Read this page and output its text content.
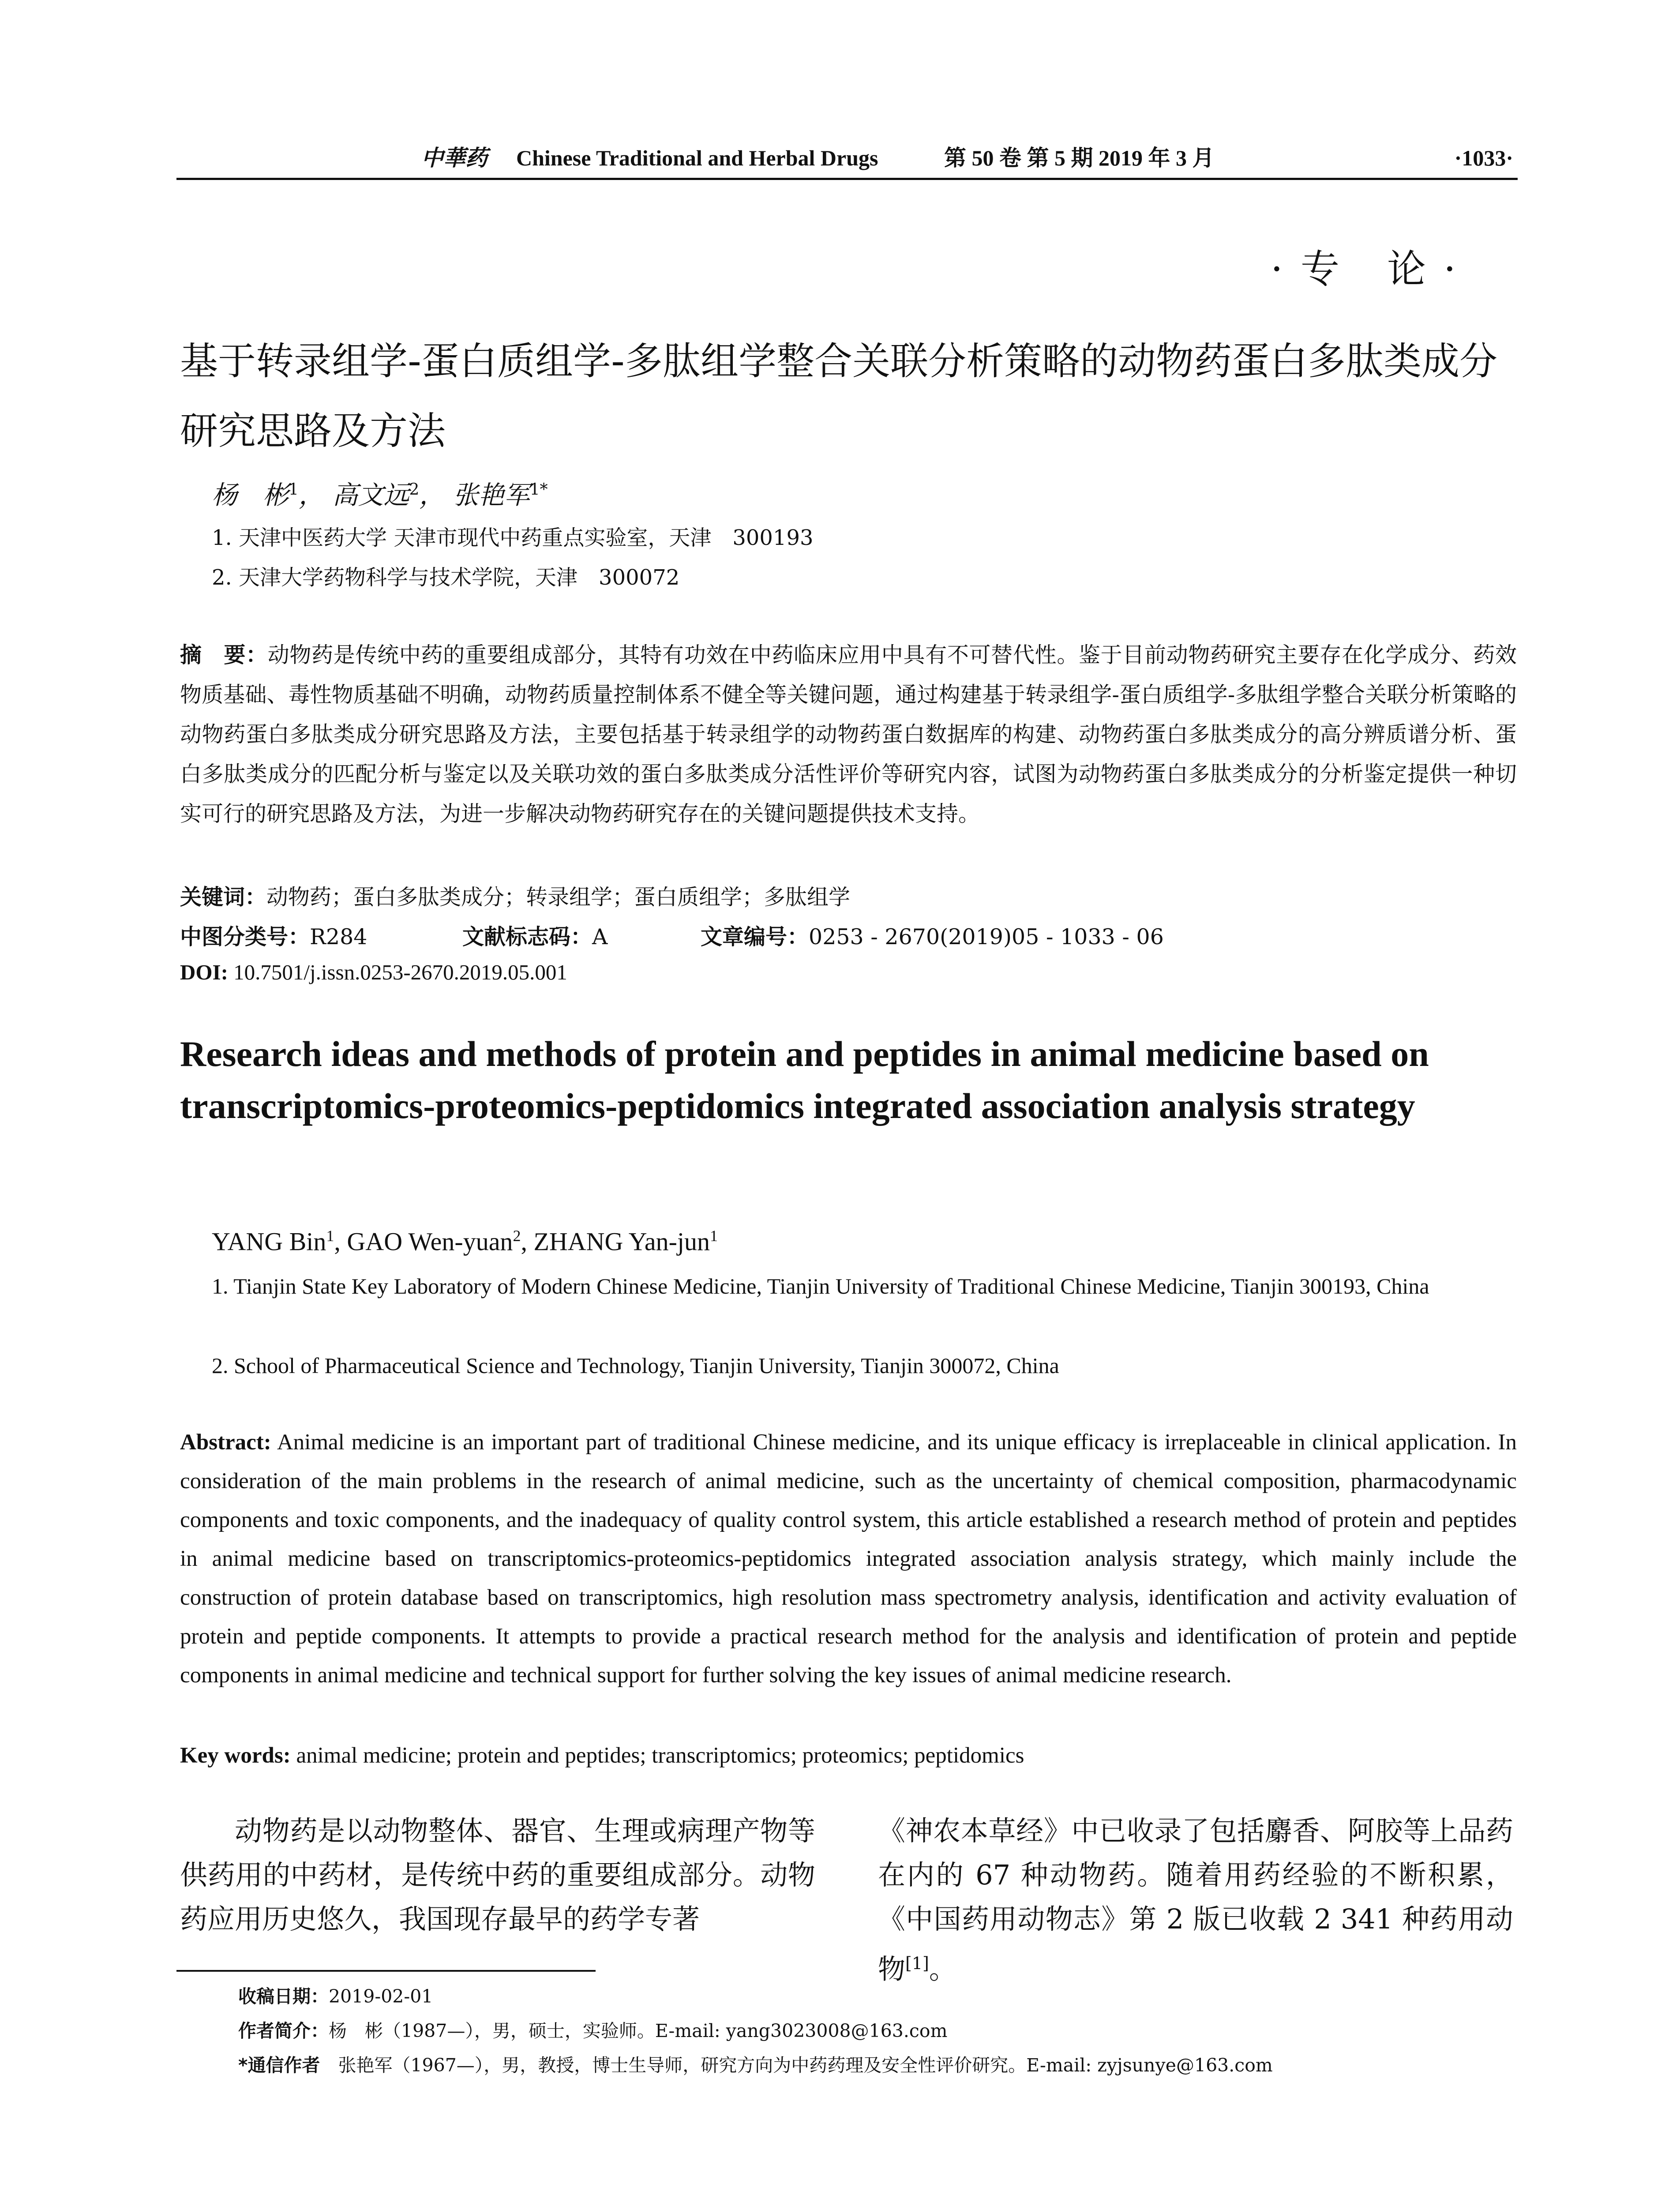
中華药 Chinese Traditional and Herbal Drugs	第 50 卷 第 5 期 2019 年 3 月	·1033·
·专 论·
基于转录组学-蛋白质组学-多肽组学整合关联分析策略的动物药蛋白多肽类成分研究思路及方法
杨　彬$^1$， 高文远$^2$， 张艳军$^{1*}$
1. 天津中医药大学 天津市现代中药重点实验室，天津　300193
2. 天津大学药物科学与技术学院，天津　300072
摘　要：动物药是传统中药的重要组成部分，其特有功效在中药临床应用中具有不可替代性。鉴于目前动物药研究主要存在化学成分、药效物质基础、毒性物质基础不明确，动物药质量控制体系不健全等关键问题，通过构建基于转录组学-蛋白质组学-多肽组学整合关联分析策略的动物药蛋白多肽类成分研究思路及方法，主要包括基于转录组学的动物药蛋白数据库的构建、动物药蛋白多肽类成分的高分辨质谱分析、蛋白多肽类成分的匹配分析与鉴定以及关联功效的蛋白多肽类成分活性评价等研究内容，试图为动物药蛋白多肽类成分的分析鉴定提供一种切实可行的研究思路及方法，为进一步解决动物药研究存在的关键问题提供技术支持。
关键词：动物药；蛋白多肽类成分；转录组学；蛋白质组学；多肽组学
中图分类号：R284	文献标志码：A	文章编号：0253 - 2670(2019)05 - 1033 - 06
DOI: 10.7501/j.issn.0253-2670.2019.05.001
Research ideas and methods of protein and peptides in animal medicine based on transcriptomics-proteomics-peptidomics integrated association analysis strategy
YANG Bin$^1$, GAO Wen-yuan$^2$, ZHANG Yan-jun$^1$
1. Tianjin State Key Laboratory of Modern Chinese Medicine, Tianjin University of Traditional Chinese Medicine, Tianjin 300193, China
2. School of Pharmaceutical Science and Technology, Tianjin University, Tianjin 300072, China
Abstract: Animal medicine is an important part of traditional Chinese medicine, and its unique efficacy is irreplaceable in clinical application. In consideration of the main problems in the research of animal medicine, such as the uncertainty of chemical composition, pharmacodynamic components and toxic components, and the inadequacy of quality control system, this article established a research method of protein and peptides in animal medicine based on transcriptomics-proteomics-peptidomics integrated association analysis strategy, which mainly include the construction of protein database based on transcriptomics, high resolution mass spectrometry analysis, identification and activity evaluation of protein and peptide components. It attempts to provide a practical research method for the analysis and identification of protein and peptide components in animal medicine and technical support for further solving the key issues of animal medicine research.
Key words: animal medicine; protein and peptides; transcriptomics; proteomics; peptidomics
动物药是以动物整体、器官、生理或病理产物等供药用的中药材，是传统中药的重要组成部分。动物药应用历史悠久，我国现存最早的药学专著
《神农本草经》中已收录了包括麝香、阿胶等上品药在内的 67 种动物药。随着用药经验的不断积累，《中国药用动物志》第 2 版已收载 2 341 种药用动物[1]。
收稿日期：2019-02-01
作者简介：杨　彬（1987—），男，硕士，实验师。E-mail: yang3023008@163.com
*通信作者　张艳军（1967—），男，教授，博士生导师，研究方向为中药药理及安全性评价研究。E-mail: zyjsunye@163.com
